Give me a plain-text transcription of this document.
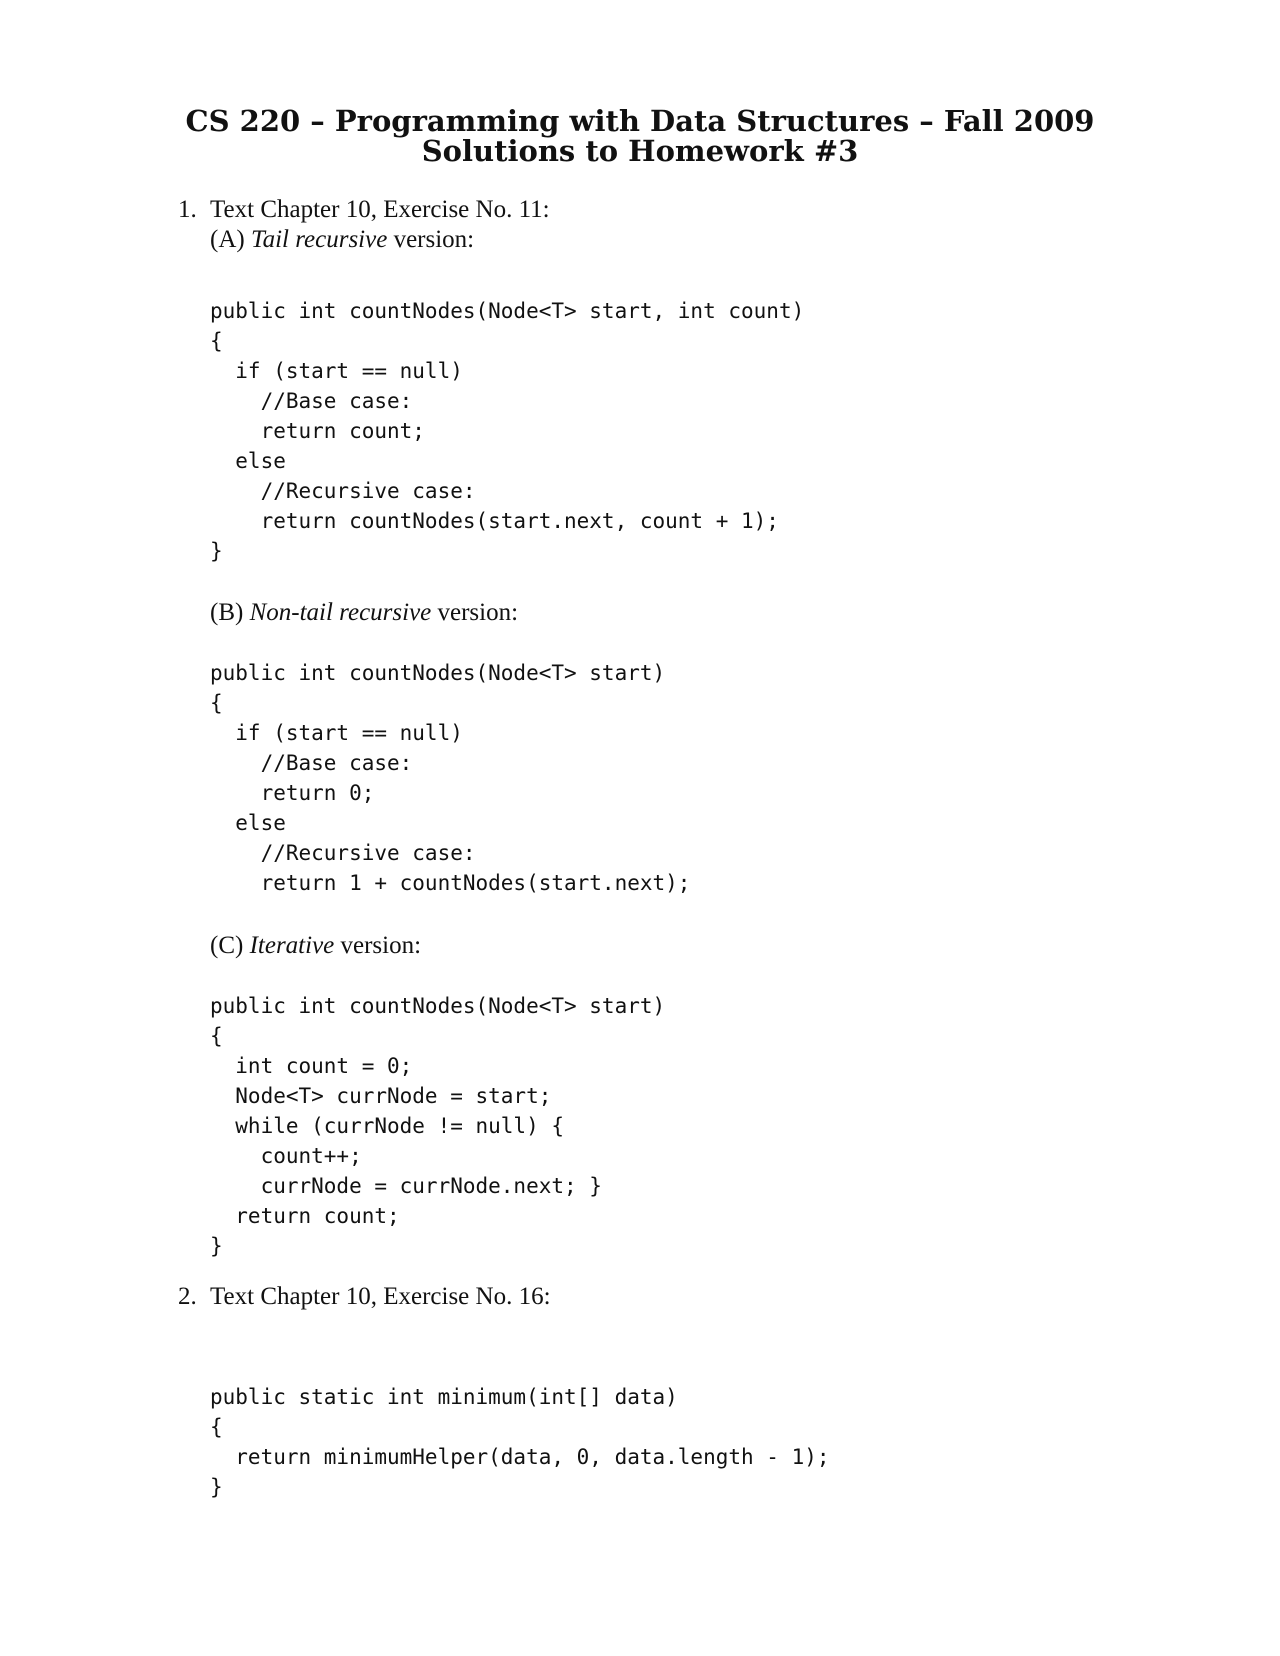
CS 220 – Programming with Data Structures – Fall 2009
Solutions to Homework #3
1. Text Chapter 10, Exercise No. 11:
(A) Tail recursive version:
public int countNodes(Node<T> start, int count)
{
if (start == null)
//Base case:
return count;
else
//Recursive case:
return countNodes(start.next, count + 1);
}
(B) Non-tail recursive version:
public int countNodes(Node<T> start)
{
if (start == null)
//Base case:
return 0;
else
//Recursive case:
return 1 + countNodes(start.next);
(C) Iterative version:
public int countNodes(Node<T> start)
{
int count = 0;
Node<T> currNode = start;
while (currNode != null) {
count++;
currNode = currNode.next; }
return count;
}
2. Text Chapter 10, Exercise No. 16:
public static int minimum(int[] data)
{
return minimumHelper(data, 0, data.length - 1);
}
